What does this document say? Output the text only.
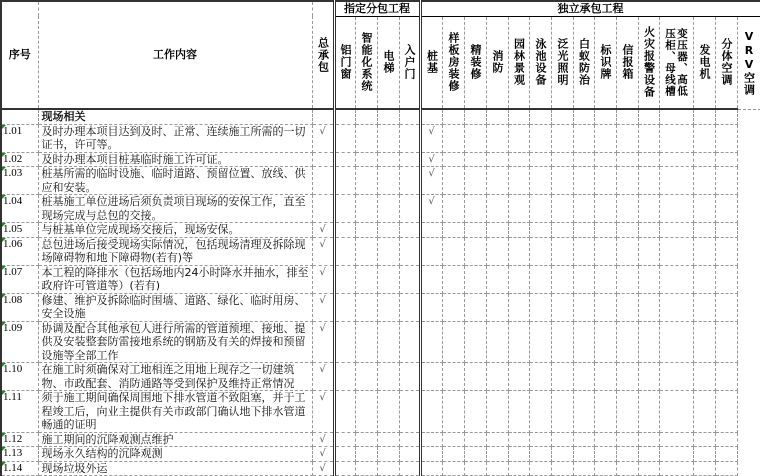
序号	工作内容	总承包	指定分包工程				独立承包工程														

			铝门窗	智能化系统	电梯	入户门	桩基	样板房装修	精装修	消防	园林景观	泳池设备	泛光照明	白蚁防治	标识牌	信报箱	火灾报警设备	变压器、高低压柜、母线槽	发电机	分体空调	VRV空调

	现场相关																				
1.01	及时办理本项目达到及时、正常、连续施工所需的一切证书，许可等。	√					√														
1.02	及时办理本项目桩基临时施工许可证。						√														
1.03	桩基所需的临时设施、临时道路、预留位置、放线、供应和安装。						√														
1.04	桩基施工单位进场后须负责项目现场的安保工作，直至现场完成与总包的交接。						√														
1.05	与桩基单位完成现场交接后，现场安保。	√																			
1.06	总包进场后接受现场实际情况，包括现场清理及拆除现场障碍物和地下障碍物(若有)等	√																			
1.07	本工程的降排水（包括场地内24小时降水井抽水，排至政府许可管道等）(若有)	√																			
1.08	修建、维护及拆除临时围墙、道路、绿化、临时用房、安全设施	√																			
1.09	协调及配合其他承包人进行所需的管道预埋、接地、提供及安装整套防雷接地系统的钢筋及有关的焊接和预留设施等全部工作	√																			
1.10	在施工时须确保对工地相连之用地上现存之一切建筑物、市政配套、消防通路等受到保护及维持正常情况	√																			
1.11	须于施工期间确保周围地下排水管道不致阻塞，并于工程竣工后，向业主提供有关市政部门确认地下排水管道畅通的证明	√																			
1.12	施工期间的沉降观测点维护	√																			
1.13	现场永久结构的沉降观测	√																			
1.14	现场垃圾外运	√																			
